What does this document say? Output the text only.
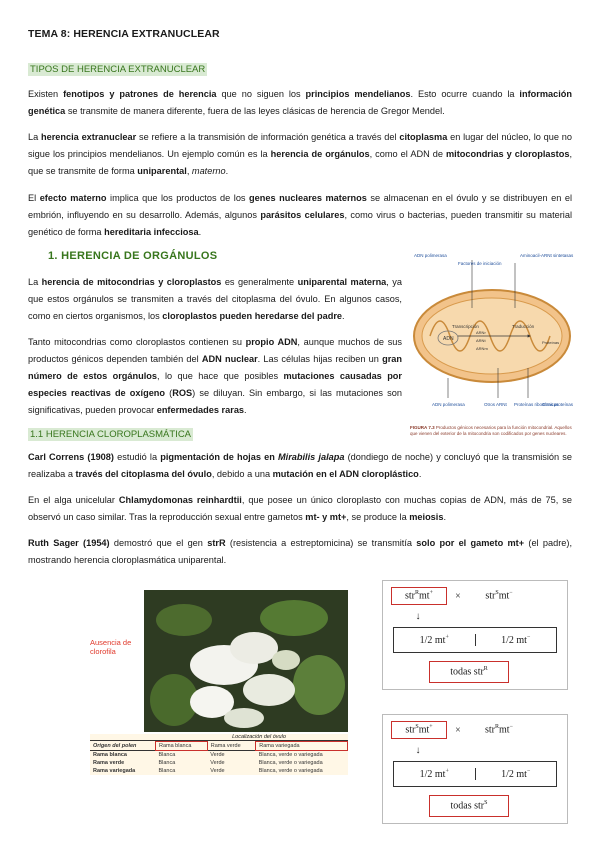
TEMA 8: HERENCIA EXTRANUCLEAR
TIPOS DE HERENCIA EXTRANUCLEAR

Existen fenotipos y patrones de herencia que no siguen los principios mendelianos. Esto ocurre cuando la información genética se transmite de manera diferente, fuera de las leyes clásicas de herencia de Gregor Mendel.

La herencia extranuclear se refiere a la transmisión de información genética a través del citoplasma en lugar del núcleo, lo que no sigue los principios mendelianos. Un ejemplo común es la herencia de orgánulos, como el ADN de mitocondrias y cloroplastos, que se transmite de forma uniparental, materno.

El efecto materno implica que los productos de los genes nucleares maternos se almacenan en el óvulo y se distribuyen en el embrión, influyendo en su desarrollo. Además, algunos parásitos celulares, como virus o bacterias, pueden transmitir su material genético de forma hereditaria infecciosa.

1. HERENCIA DE ORGÁNULOS

La herencia de mitocondrias y cloroplastos es generalmente uniparental materna, ya que estos orgánulos se transmiten a través del citoplasma del óvulo. En algunos casos, como en ciertos organismos, los cloroplastos pueden heredarse del padre.

Tanto mitocondrias como cloroplastos contienen su propio ADN, aunque muchos de sus productos génicos dependen también del ADN nuclear. Las células hijas reciben un gran número de estos orgánulos, lo que hace que posibles mutaciones causadas por especies reactivas de oxígeno (ROS) se diluyan. Sin embargo, si las mutaciones son significativas, pueden provocar enfermedades raras.

ADN polimerasa
Factores de iniciación
Aminoacil-ARNt sintetasas
Transcripción	Traducción
ADN
ARNr
ARNt
ARNm
Proteínas
ADN polimerasa	Otros ARNt Proteínas ribosómicas
Otras proteínas
FIGURA 7.3 Productos génicos necesarios para la función mitocondrial. Aquellos que vienen del exterior de la mitocondria son codificados por genes nucleares.
1.1 HERENCIA CLOROPLASMÁTICA

Carl Correns (1908) estudió la pigmentación de hojas en Mirabilis jalapa (dondiego de noche) y concluyó que la transmisión se realizaba a través del citoplasma del óvulo, debido a una mutación en el ADN cloroplástico.

En el alga unicelular Chlamydomonas reinhardtii, que posee un único cloroplasto con muchas copias de ADN, más de 75, se observó un caso similar. Tras la reproducción sexual entre gametos mt- y mt+, se produce la meiosis.

Ruth Sager (1954) demostró que el gen strR (resistencia a estreptomicina) se transmitía solo por el gameto mt+ (el padre), mostrando herencia cloroplasmática uniparental.

Ausencia de clorofila
Localización del óvulo
Origen del polen	Rama blanca	Rama verde	Rama variegada
Rama blanca	Blanca	Verde	Blanca, verde o variegada
Rama verde	Blanca	Verde	Blanca, verde o variegada
Rama variegada	Blanca	Verde	Blanca, verde o variegada
str$^R$ mt+	×	str$^S$ mt−
↓
1/2 mt+	1/2 mt−
todas str$^R$
str$^S$ mt+	×	str$^R$ mt−
↓
1/2 mt+	1/2 mt−
todas str$^S$
